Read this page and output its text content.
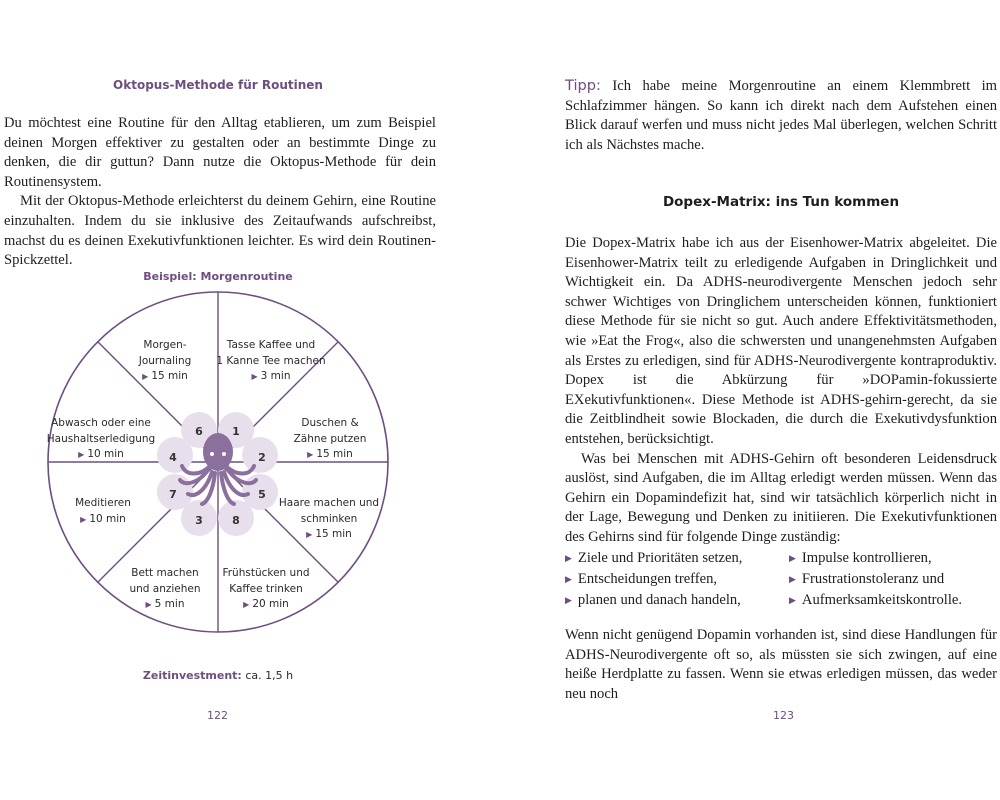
Oktopus-Methode für Routinen

Du möchtest eine Routine für den Alltag etablieren, um zum Beispiel deinen Morgen effektiver zu gestalten oder an bestimmte Dinge zu denken, die dir guttun? Dann nutze die Oktopus-Methode für dein Routinensystem.

Mit der Oktopus-Methode erleichterst du deinem Gehirn, eine Routine einzuhalten. Indem du sie inklusive des Zeitaufwands aufschreibst, machst du es deinen Exekutivfunktionen leichter. Es wird dein Routinen-Spickzettel.

Beispiel: Morgenroutine
1
2
5
8
3
7
4
6
Tasse Kaffee und
1 Kanne Tee machen
▶ 3 min
Duschen &
Zähne putzen
▶ 15 min
Haare machen und
schminken
▶ 15 min
Frühstücken und
Kaffee trinken
▶ 20 min
Bett machen
und anziehen
▶ 5 min
Meditieren
▶ 10 min
Abwasch oder eine
Haushaltserledigung
▶ 10 min
Morgen-
Journaling
▶ 15 min
Zeitinvestment: ca. 1,5 h
122

Tipp: Ich habe meine Morgenroutine an einem Klemmbrett im Schlafzimmer hängen. So kann ich direkt nach dem Aufstehen einen Blick darauf werfen und muss nicht jedes Mal überlegen, welchen Schritt ich als Nächstes mache.

Dopex-Matrix: ins Tun kommen

Die Dopex-Matrix habe ich aus der Eisenhower-Matrix abgeleitet. Die Eisenhower-Matrix teilt zu erledigende Aufgaben in Dringlichkeit und Wichtigkeit ein. Da ADHS-neurodivergente Menschen jedoch sehr schwer Wichtiges von Dringlichem unterscheiden können, funktioniert diese Methode für sie nicht so gut. Auch andere Effektivitätsmethoden, wie »Eat the Frog«, also die schwersten und unangenehmsten Aufgaben als Erstes zu erledigen, sind für ADHS-Neurodivergente kontraproduktiv. Dopex ist die Abkürzung für »DOPamin-fokussierte EXekutivfunktionen«. Diese Methode ist ADHS-gehirn-gerecht, da sie die Zeitblindheit sowie Blockaden, die durch die Exekutivdysfunktion entstehen, berücksichtigt.

Was bei Menschen mit ADHS-Gehirn oft besonderen Leidensdruck auslöst, sind Aufgaben, die im Alltag erledigt werden müssen. Wenn das Gehirn ein Dopamindefizit hat, sind wir tatsächlich körperlich nicht in der Lage, Bewegung und Denken zu initiieren. Die Exekutivfunktionen des Gehirns sind für folgende Dinge zuständig:

▶ Ziele und Prioritäten setzen,
▶ Entscheidungen treffen,
▶ planen und danach handeln,
▶ Impulse kontrollieren,
▶ Frustrationstoleranz und
▶ Aufmerksamkeitskontrolle.

Wenn nicht genügend Dopamin vorhanden ist, sind diese Handlungen für ADHS-Neurodivergente oft so, als müssten sie sich zwingen, auf eine heiße Herdplatte zu fassen. Wenn sie etwas erledigen müssen, das weder neu noch

123
